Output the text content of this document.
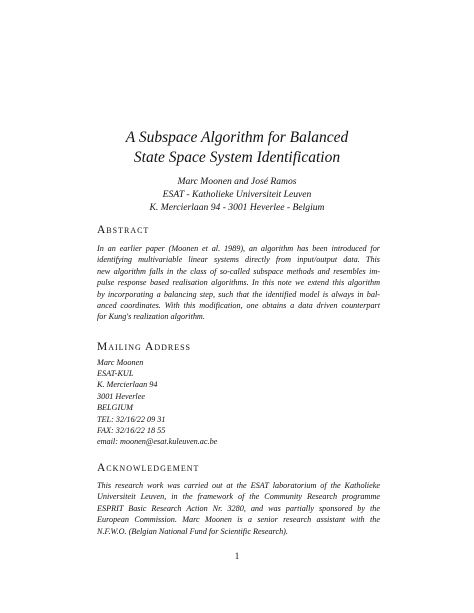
A Subspace Algorithm for Balanced
State Space System Identification
Marc Moonen and José Ramos
ESAT - Katholieke Universiteit Leuven
K. Mercierlaan 94 - 3001 Heverlee - Belgium
Abstract
In an earlier paper (Moonen et al. 1989), an algorithm has been introduced for
identifying multivariable linear systems directly from input/output data. This
new algorithm falls in the class of so-called subspace methods and resembles im-
pulse response based realisation algorithms. In this note we extend this algorithm
by incorporating a balancing step, such that the identified model is always in bal-
anced coordinates. With this modification, one obtains a data driven counterpart
for Kung's realization algorithm.
Mailing Address
Marc Moonen
ESAT-KUL
K. Mercierlaan 94
3001 Heverlee
BELGIUM
TEL: 32/16/22 09 31
FAX: 32/16/22 18 55
email: moonen@esat.kuleuven.ac.be
Acknowledgement
This research work was carried out at the ESAT laboratorium of the Katholieke
Universiteit Leuven, in the framework of the Community Research programme
ESPRIT Basic Research Action Nr. 3280, and was partially sponsored by the
European Commission. Marc Moonen is a senior research assistant with the
N.F.W.O. (Belgian National Fund for Scientific Research).
1
